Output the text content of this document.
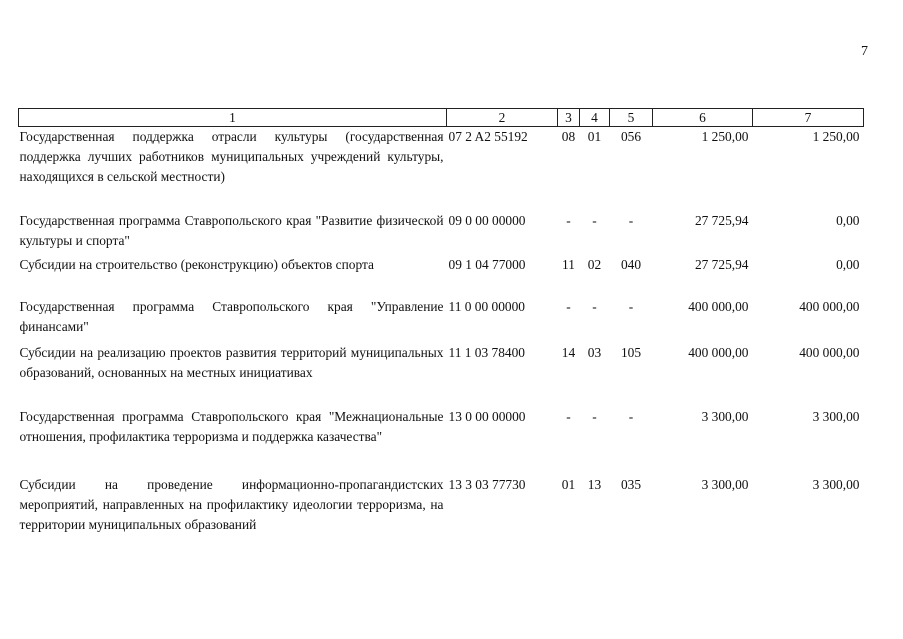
7
1	2	3	4	5	6	7
Государственная поддержка отрасли культуры (государственная поддержка лучших работников муниципальных учреждений культуры, находящихся в сельской местности)	07 2 A2 55192	08	01	056	1 250,00	1 250,00
Государственная программа Ставропольского края "Развитие физической культуры и спорта"	09 0 00 00000	-	-	-	27 725,94	0,00
Субсидии на строительство (реконструкцию) объектов спорта	09 1 04 77000	11	02	040	27 725,94	0,00
Государственная программа Ставропольского края "Управление финансами"	11 0 00 00000	-	-	-	400 000,00	400 000,00
Субсидии на реализацию проектов развития территорий муниципальных образований, основанных на местных инициативах	11 1 03 78400	14	03	105	400 000,00	400 000,00
Государственная программа Ставропольского края "Межнациональные отношения, профилактика терроризма и поддержка казачества"	13 0 00 00000	-	-	-	3 300,00	3 300,00
Субсидии на проведение информационно-пропагандистских мероприятий, направленных на профилактику идеологии терроризма, на территории муниципальных образований	13 3 03 77730	01	13	035	3 300,00	3 300,00
